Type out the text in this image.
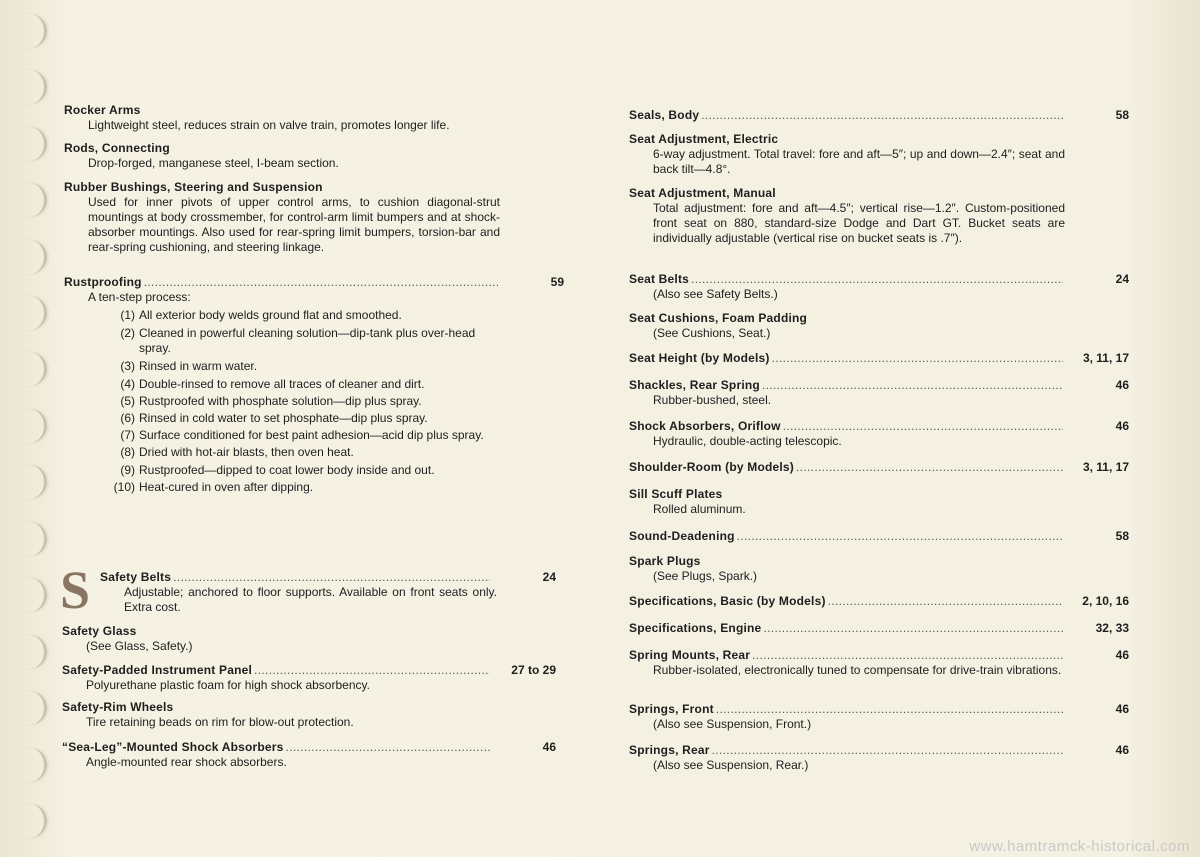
Rocker Arms
Lightweight steel, reduces strain on valve train, promotes longer life.
Rods, Connecting
Drop-forged, manganese steel, I-beam section.
Rubber Bushings, Steering and Suspension
Used for inner pivots of upper control arms, to cushion diagonal-strut mountings at body crossmember, for control-arm limit bumpers and at shock-absorber mountings. Also used for rear-spring limit bumpers, torsion-bar and rear-spring cushioning, and steering linkage.
Rustproofing . . .	59
A ten-step process:
(1) All exterior body welds ground flat and smoothed.
(2) Cleaned in powerful cleaning solution—dip-tank plus over-head spray.
(3) Rinsed in warm water.
(4) Double-rinsed to remove all traces of cleaner and dirt.
(5) Rustproofed with phosphate solution—dip plus spray.
(6) Rinsed in cold water to set phosphate—dip plus spray.
(7) Surface conditioned for best paint adhesion—acid dip plus spray.
(8) Dried with hot-air blasts, then oven heat.
(9) Rustproofed—dipped to coat lower body inside and out.
(10) Heat-cured in oven after dipping.
S Safety Belts . . .	24
Adjustable; anchored to floor supports. Available on front seats only. Extra cost.
Safety Glass
(See Glass, Safety.)
Safety-Padded Instrument Panel . . .	27 to 29
Polyurethane plastic foam for high shock absorbency.
Safety-Rim Wheels
Tire retaining beads on rim for blow-out protection.
“Sea-Leg”-Mounted Shock Absorbers . . .	46
Angle-mounted rear shock absorbers.
Seals, Body . . .	58
Seat Adjustment, Electric
6-way adjustment. Total travel: fore and aft—5″; up and down—2.4″; seat and back tilt—4.8°.
Seat Adjustment, Manual
Total adjustment: fore and aft—4.5″; vertical rise—1.2″. Custom-positioned front seat on 880, standard-size Dodge and Dart GT. Bucket seats are individually adjustable (vertical rise on bucket seats is .7″).
Seat Belts . . .	24
(Also see Safety Belts.)
Seat Cushions, Foam Padding
(See Cushions, Seat.)
Seat Height (by Models) . . .	3, 11, 17
Shackles, Rear Spring . . .	46
Rubber-bushed, steel.
Shock Absorbers, Oriflow . . .	46
Hydraulic, double-acting telescopic.
Shoulder-Room (by Models) . . .	3, 11, 17
Sill Scuff Plates
Rolled aluminum.
Sound-Deadening . . .	58
Spark Plugs
(See Plugs, Spark.)
Specifications, Basic (by Models) . . .	2, 10, 16
Specifications, Engine . . .	32, 33
Spring Mounts, Rear . . .	46
Rubber-isolated, electronically tuned to compensate for drive-train vibrations.
Springs, Front . . .	46
(Also see Suspension, Front.)
Springs, Rear . . .	46
(Also see Suspension, Rear.)
www.hamtramck-historical.com
